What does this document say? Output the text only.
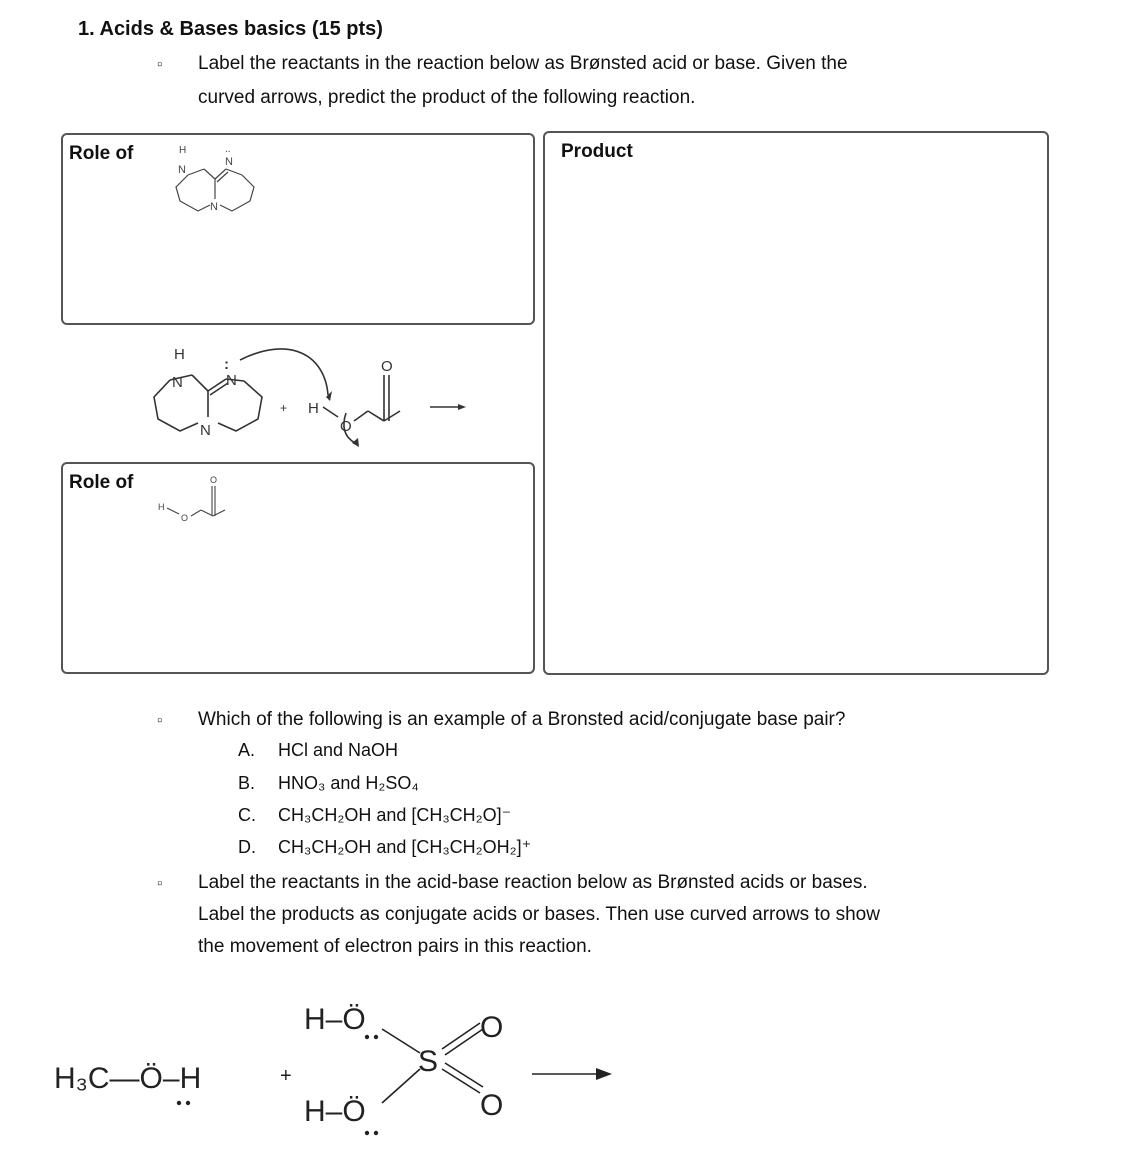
1. Acids & Bases basics (15 pts)
▫ Label the reactants in the reaction below as Brønsted acid or base. Given the
curved arrows, predict the product of the following reaction.
Role of	H
N
N
..
N
Product
H
N	N
:
N
+ H
O
O
Role of
H
O
O
▫ Which of the following is an example of a Bronsted acid/conjugate base pair?
A. HCl and NaOH
B. HNO₃ and H₂SO₄
C. CH₃CH₂OH and [CH₃CH₂O]⁻
D. CH₃CH₂OH and [CH₃CH₂OH₂]⁺
▫ Label the reactants in the acid-base reaction below as Brønsted acids or bases.
Label the products as conjugate acids or bases. Then use curved arrows to show
the movement of electron pairs in this reaction.
H₃C—Ö–H	+
H–Ö
H–Ö
S
O
O
